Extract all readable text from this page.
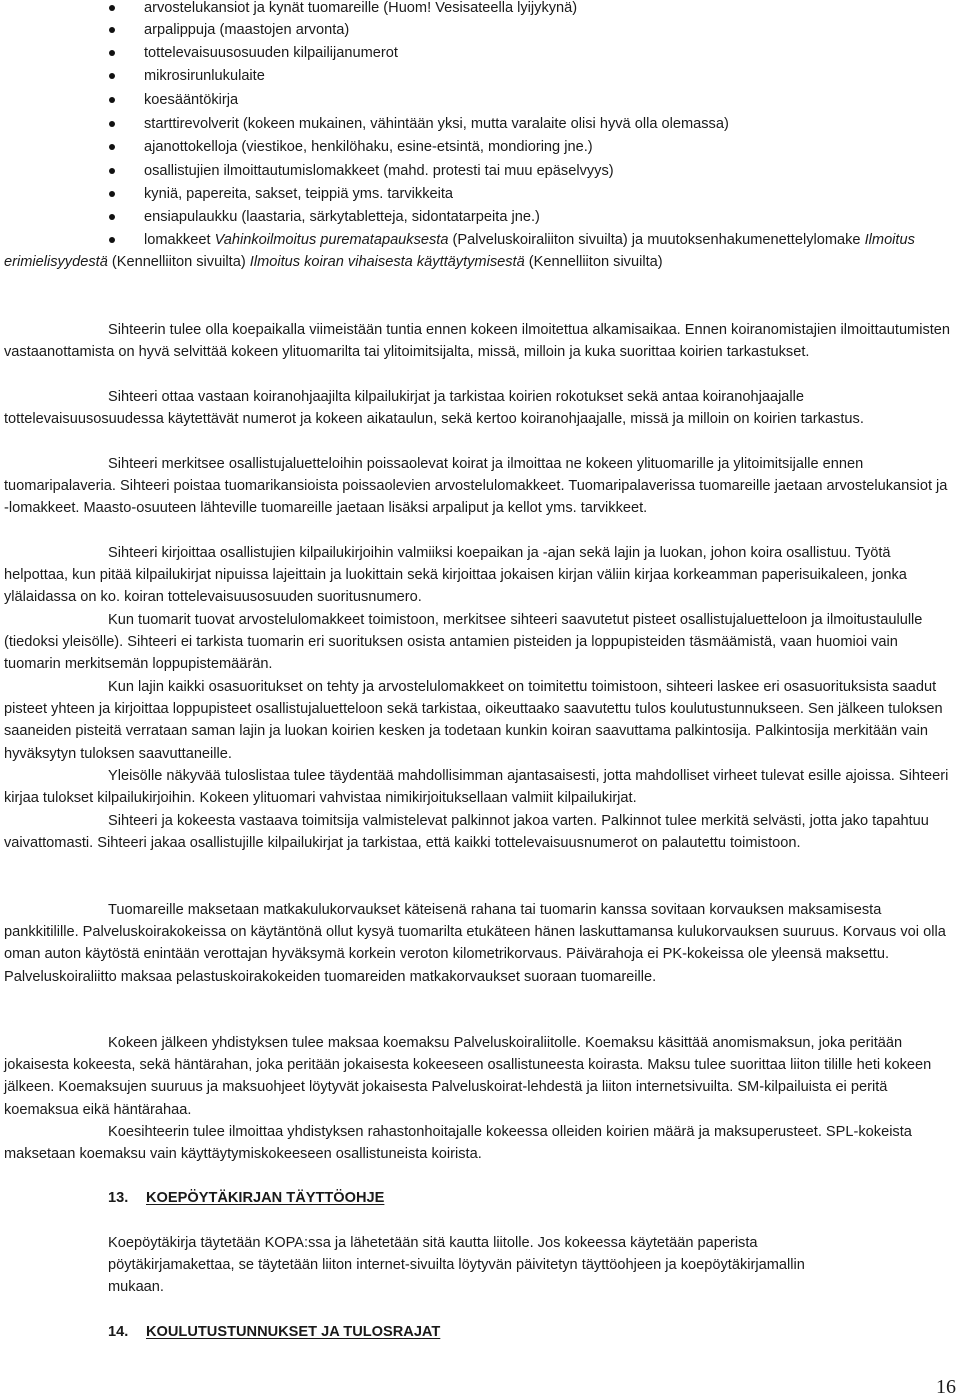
arvostelukansiot ja kynät tuomareille (Huom! Vesisateella lyijykynä)
arpalippuja (maastojen arvonta)
tottelevaisuusosuuden kilpailijanumerot
mikrosirunlukulaite
koesääntökirja
starttirevolverit (kokeen mukainen, vähintään yksi, mutta varalaite olisi hyvä olla olemassa)
ajanottokelloja (viestikoe, henkilöhaku, esine-etsintä, mondioring jne.)
osallistujien ilmoittautumislomakkeet (mahd. protesti tai muu epäselvyys)
kyniä, papereita, sakset, teippiä yms. tarvikkeita
ensiapulaukku (laastaria, särkytabletteja, sidontatarpeita jne.)
lomakkeet Vahinkoilmoitus purematapauksesta (Palveluskoiraliiton sivuilta) ja muutoksenhakumenettelylomake Ilmoitus erimielisyydestä (Kennelliiton sivuilta) Ilmoitus koiran vihaisesta käyttäytymisestä (Kennelliiton sivuilta)
Sihteerin tulee olla koepaikalla viimeistään tuntia ennen kokeen ilmoitettua alkamisaikaa. Ennen koiranomistajien ilmoittautumisten vastaanottamista on hyvä selvittää kokeen ylituomarilta tai ylitoimitsijalta, missä, milloin ja kuka suorittaa koirien tarkastukset.
Sihteeri ottaa vastaan koiranohjaajilta kilpailukirjat ja tarkistaa koirien rokotukset sekä antaa koiranohjaajalle tottelevaisuusosuudessa käytettävät numerot ja kokeen aikataulun, sekä kertoo koiranohjaajalle, missä ja milloin on koirien tarkastus.
Sihteeri merkitsee osallistujaluetteloihin poissaolevat koirat ja ilmoittaa ne kokeen ylituomarille ja ylitoimitsijalle ennen tuomaripalaveria. Sihteeri poistaa tuomarikansioista poissaolevien arvostelulomakkeet. Tuomaripalaverissa tuomareille jaetaan arvostelukansiot ja -lomakkeet. Maasto-osuuteen lähteville tuomareille jaetaan lisäksi arpaliput ja kellot yms. tarvikkeet.
Sihteeri kirjoittaa osallistujien kilpailukirjoihin valmiiksi koepaikan ja -ajan sekä lajin ja luokan, johon koira osallistuu. Työtä helpottaa, kun pitää kilpailukirjat nipuissa lajeittain ja luokittain sekä kirjoittaa jokaisen kirjan väliin kirjaa korkeamman paperisuikaleen, jonka ylälaidassa on ko. koiran tottelevaisuusosuuden suoritusnumero.
Kun tuomarit tuovat arvostelulomakkeet toimistoon, merkitsee sihteeri saavutetut pisteet osallistujaluetteloon ja ilmoitustaululle (tiedoksi yleisölle). Sihteeri ei tarkista tuomarin eri suorituksen osista antamien pisteiden ja loppupisteiden täsmäämistä, vaan huomioi vain tuomarin merkitsemän loppupistemäärän.
Kun lajin kaikki osasuoritukset on tehty ja arvostelulomakkeet on toimitettu toimistoon, sihteeri laskee eri osasuorituksista saadut pisteet yhteen ja kirjoittaa loppupisteet osallistujaluetteloon sekä tarkistaa, oikeuttaako saavutettu tulos koulutustunnukseen. Sen jälkeen tuloksen saaneiden pisteitä verrataan saman lajin ja luokan koirien kesken ja todetaan kunkin koiran saavuttama palkintosija. Palkintosija merkitään vain hyväksytyn tuloksen saavuttaneille.
Yleisölle näkyvää tuloslistaa tulee täydentää mahdollisimman ajantasaisesti, jotta mahdolliset virheet tulevat esille ajoissa. Sihteeri kirjaa tulokset kilpailukirjoihin. Kokeen ylituomari vahvistaa nimikirjoituksellaan valmiit kilpailukirjat.
Sihteeri ja kokeesta vastaava toimitsija valmistelevat palkinnot jakoa varten. Palkinnot tulee merkitä selvästi, jotta jako tapahtuu vaivattomasti. Sihteeri jakaa osallistujille kilpailukirjat ja tarkistaa, että kaikki tottelevaisuusnumerot on palautettu toimistoon.
Tuomareille maksetaan matkakulukorvaukset käteisenä rahana tai tuomarin kanssa sovitaan korvauksen maksamisesta pankkitilille. Palveluskoirakokeissa on käytäntönä ollut kysyä tuomarilta etukäteen hänen laskuttamansa kulukorvauksen suuruus. Korvaus voi olla oman auton käytöstä enintään verottajan hyväksymä korkein veroton kilometrikorvaus. Päivärahoja ei PK-kokeissa ole yleensä maksettu. Palveluskoiraliitto maksaa pelastuskoirakokeiden tuomareiden matkakorvaukset suoraan tuomareille.
Kokeen jälkeen yhdistyksen tulee maksaa koemaksu Palveluskoiraliitolle. Koemaksu käsittää anomismaksun, joka peritään jokaisesta kokeesta, sekä häntärahan, joka peritään jokaisesta kokeeseen osallistuneesta koirasta. Maksu tulee suorittaa liiton tilille heti kokeen jälkeen. Koemaksujen suuruus ja maksuohjeet löytyvät jokaisesta Palveluskoirat-lehdestä ja liiton internetsivuilta. SM-kilpailuista ei peritä koemaksua eikä häntärahaa.
Koesihteerin tulee ilmoittaa yhdistyksen rahastonhoitajalle kokeessa olleiden koirien määrä ja maksuperusteet. SPL-kokeista maksetaan koemaksu vain käyttäytymiskokeeseen osallistuneista koirista.
13. KOEPÖYTÄKIRJAN TÄYTTÖOHJE
Koepöytäkirja täytetään KOPA:ssa ja lähetetään sitä kautta liitolle. Jos kokeessa käytetään paperista pöytäkirjamakettaa, se täytetään liiton internet-sivuilta löytyvän päivitetyn täyttöohjeen ja koepöytäkirjamallin mukaan.
14. KOULUTUSTUNNUKSET JA TULOSRAJAT
16
